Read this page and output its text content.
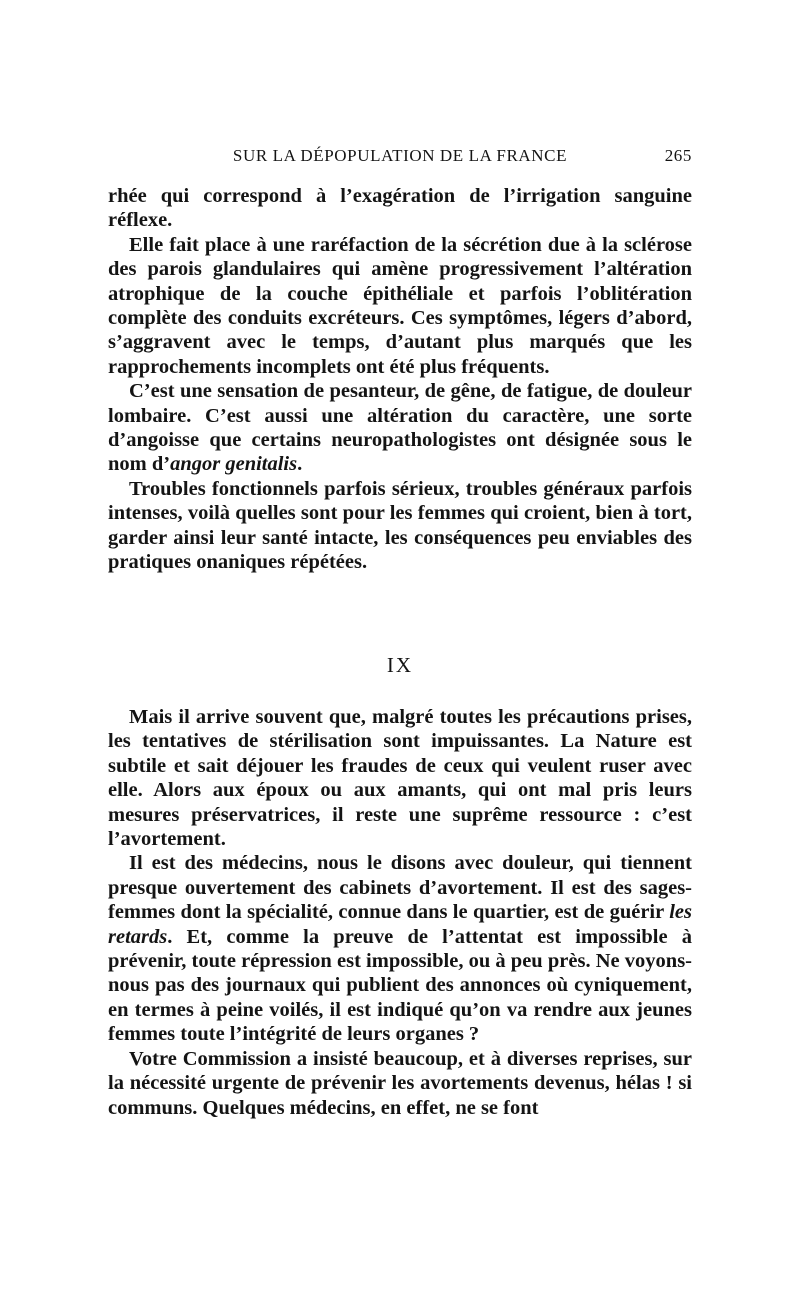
SUR LA DÉPOPULATION DE LA FRANCE	265

rhée qui correspond à l’exagération de l’irrigation sanguine réflexe.

Elle fait place à une raréfaction de la sécrétion due à la sclérose des parois glandulaires qui amène progressivement l’altération atrophique de la couche épithéliale et parfois l’oblitération complète des conduits excréteurs. Ces symptômes, légers d’abord, s’aggravent avec le temps, d’autant plus marqués que les rapprochements incomplets ont été plus fréquents.

C’est une sensation de pesanteur, de gêne, de fatigue, de douleur lombaire. C’est aussi une altération du caractère, une sorte d’angoisse que certains neuropathologistes ont désignée sous le nom d’angor genitalis.

Troubles fonctionnels parfois sérieux, troubles généraux parfois intenses, voilà quelles sont pour les femmes qui croient, bien à tort, garder ainsi leur santé intacte, les conséquences peu enviables des pratiques onaniques répétées.

IX

Mais il arrive souvent que, malgré toutes les précautions prises, les tentatives de stérilisation sont impuissantes. La Nature est subtile et sait déjouer les fraudes de ceux qui veulent ruser avec elle. Alors aux époux ou aux amants, qui ont mal pris leurs mesures préservatrices, il reste une suprême ressource : c’est l’avortement.

Il est des médecins, nous le disons avec douleur, qui tiennent presque ouvertement des cabinets d’avortement. Il est des sages-femmes dont la spécialité, connue dans le quartier, est de guérir les retards. Et, comme la preuve de l’attentat est impossible à prévenir, toute répression est impossible, ou à peu près. Ne voyons-nous pas des journaux qui publient des annonces où cyniquement, en termes à peine voilés, il est indiqué qu’on va rendre aux jeunes femmes toute l’intégrité de leurs organes ?

Votre Commission a insisté beaucoup, et à diverses reprises, sur la nécessité urgente de prévenir les avortements devenus, hélas ! si communs. Quelques médecins, en effet, ne se font
